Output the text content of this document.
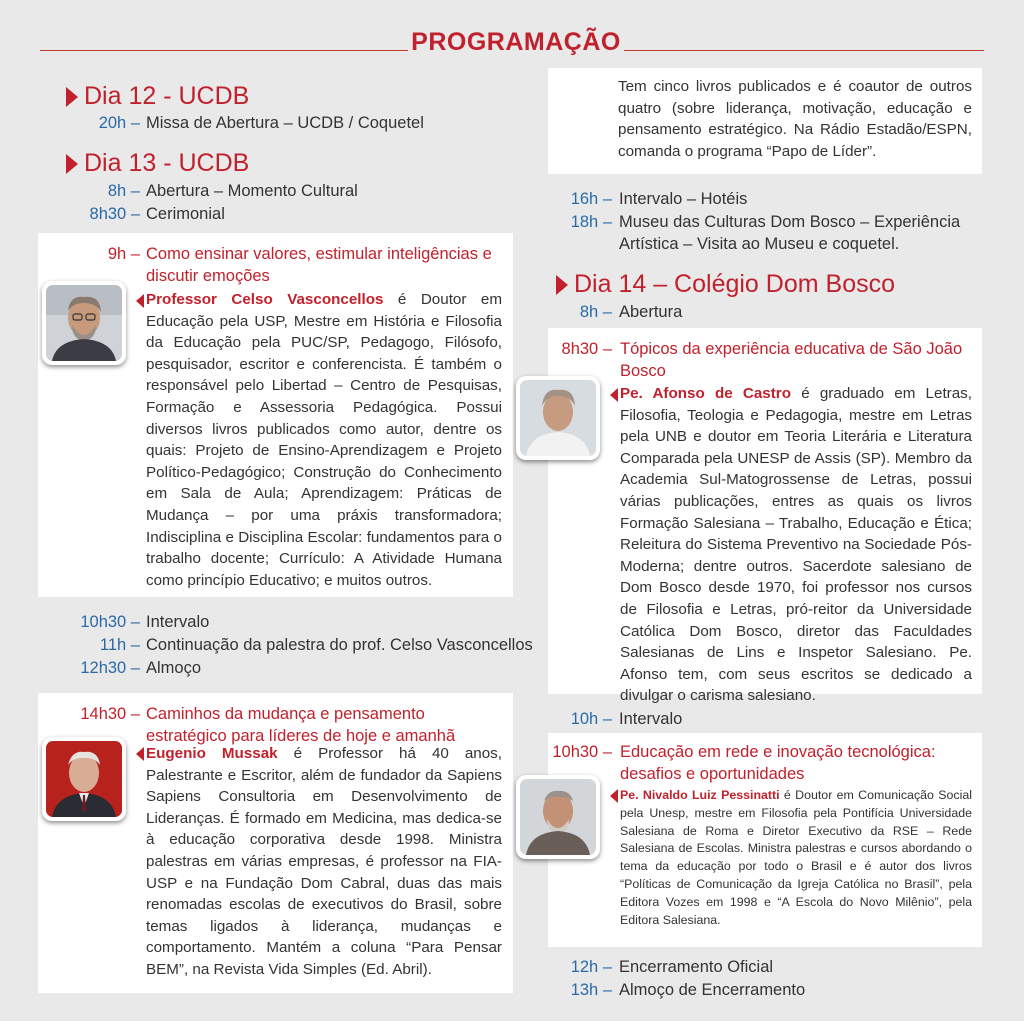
PROGRAMAÇÃO
Dia 12 - UCDB
20h – Missa de Abertura – UCDB / Coquetel
Dia 13 - UCDB
8h – Abertura – Momento Cultural
8h30 – Cerimonial
9h – Como ensinar valores, estimular inteligências e discutir emoções
Professor Celso Vasconcellos é Doutor em Educação pela USP, Mestre em História e Filosofia da Educação pela PUC/SP, Pedagogo, Filósofo, pesquisador, escritor e conferencista. É também o responsável pelo Libertad – Centro de Pesquisas, Formação e Assessoria Pedagógica. Possui diversos livros publicados como autor, dentre os quais: Projeto de Ensino-Aprendizagem e Projeto Político-Pedagógico; Construção do Conhecimento em Sala de Aula; Aprendizagem: Práticas de Mudança – por uma práxis transformadora; Indisciplina e Disciplina Escolar: fundamentos para o trabalho docente; Currículo: A Atividade Humana como princípio Educativo; e muitos outros.
10h30 – Intervalo
11h – Continuação da palestra do prof. Celso Vasconcellos
12h30 – Almoço
14h30 – Caminhos da mudança e pensamento estratégico para líderes de hoje e amanhã
Eugenio Mussak é Professor há 40 anos, Palestrante e Escritor, além de fundador da Sapiens Sapiens Consultoria em Desenvolvimento de Lideranças. É formado em Medicina, mas dedica-se à educação corporativa desde 1998. Ministra palestras em várias empresas, é professor na FIA-USP e na Fundação Dom Cabral, duas das mais renomadas escolas de executivos do Brasil, sobre temas ligados à liderança, mudanças e comportamento. Mantém a coluna “Para Pensar BEM”, na Revista Vida Simples (Ed. Abril).
Tem cinco livros publicados e é coautor de outros quatro (sobre liderança, motivação, educação e pensamento estratégico. Na Rádio Estadão/ESPN, comanda o programa “Papo de Líder”.
16h – Intervalo – Hotéis
18h – Museu das Culturas Dom Bosco – Experiência Artística – Visita ao Museu e coquetel.
Dia 14 – Colégio Dom Bosco
8h – Abertura
8h30 – Tópicos da experiência educativa de São João Bosco
Pe. Afonso de Castro é graduado em Letras, Filosofia, Teologia e Pedagogia, mestre em Letras pela UNB e doutor em Teoria Literária e Literatura Comparada pela UNESP de Assis (SP). Membro da Academia Sul-Matogrossense de Letras, possui várias publicações, entres as quais os livros Formação Salesiana – Trabalho, Educação e Ética; Releitura do Sistema Preventivo na Sociedade Pós-Moderna; dentre outros. Sacerdote salesiano de Dom Bosco desde 1970, foi professor nos cursos de Filosofia e Letras, pró-reitor da Universidade Católica Dom Bosco, diretor das Faculdades Salesianas de Lins e Inspetor Salesiano. Pe. Afonso tem, com seus escritos se dedicado a divulgar o carisma salesiano.
10h – Intervalo
10h30 – Educação em rede e inovação tecnológica: desafios e oportunidades
Pe. Nivaldo Luiz Pessinatti é Doutor em Comunicação Social pela Unesp, mestre em Filosofia pela Pontifícia Universidade Salesiana de Roma e Diretor Executivo da RSE – Rede Salesiana de Escolas. Ministra palestras e cursos abordando o tema da educação por todo o Brasil e é autor dos livros “Políticas de Comunicação da Igreja Católica no Brasil”, pela Editora Vozes em 1998 e “A Escola do Novo Milênio”, pela Editora Salesiana.
12h – Encerramento Oficial
13h – Almoço de Encerramento
